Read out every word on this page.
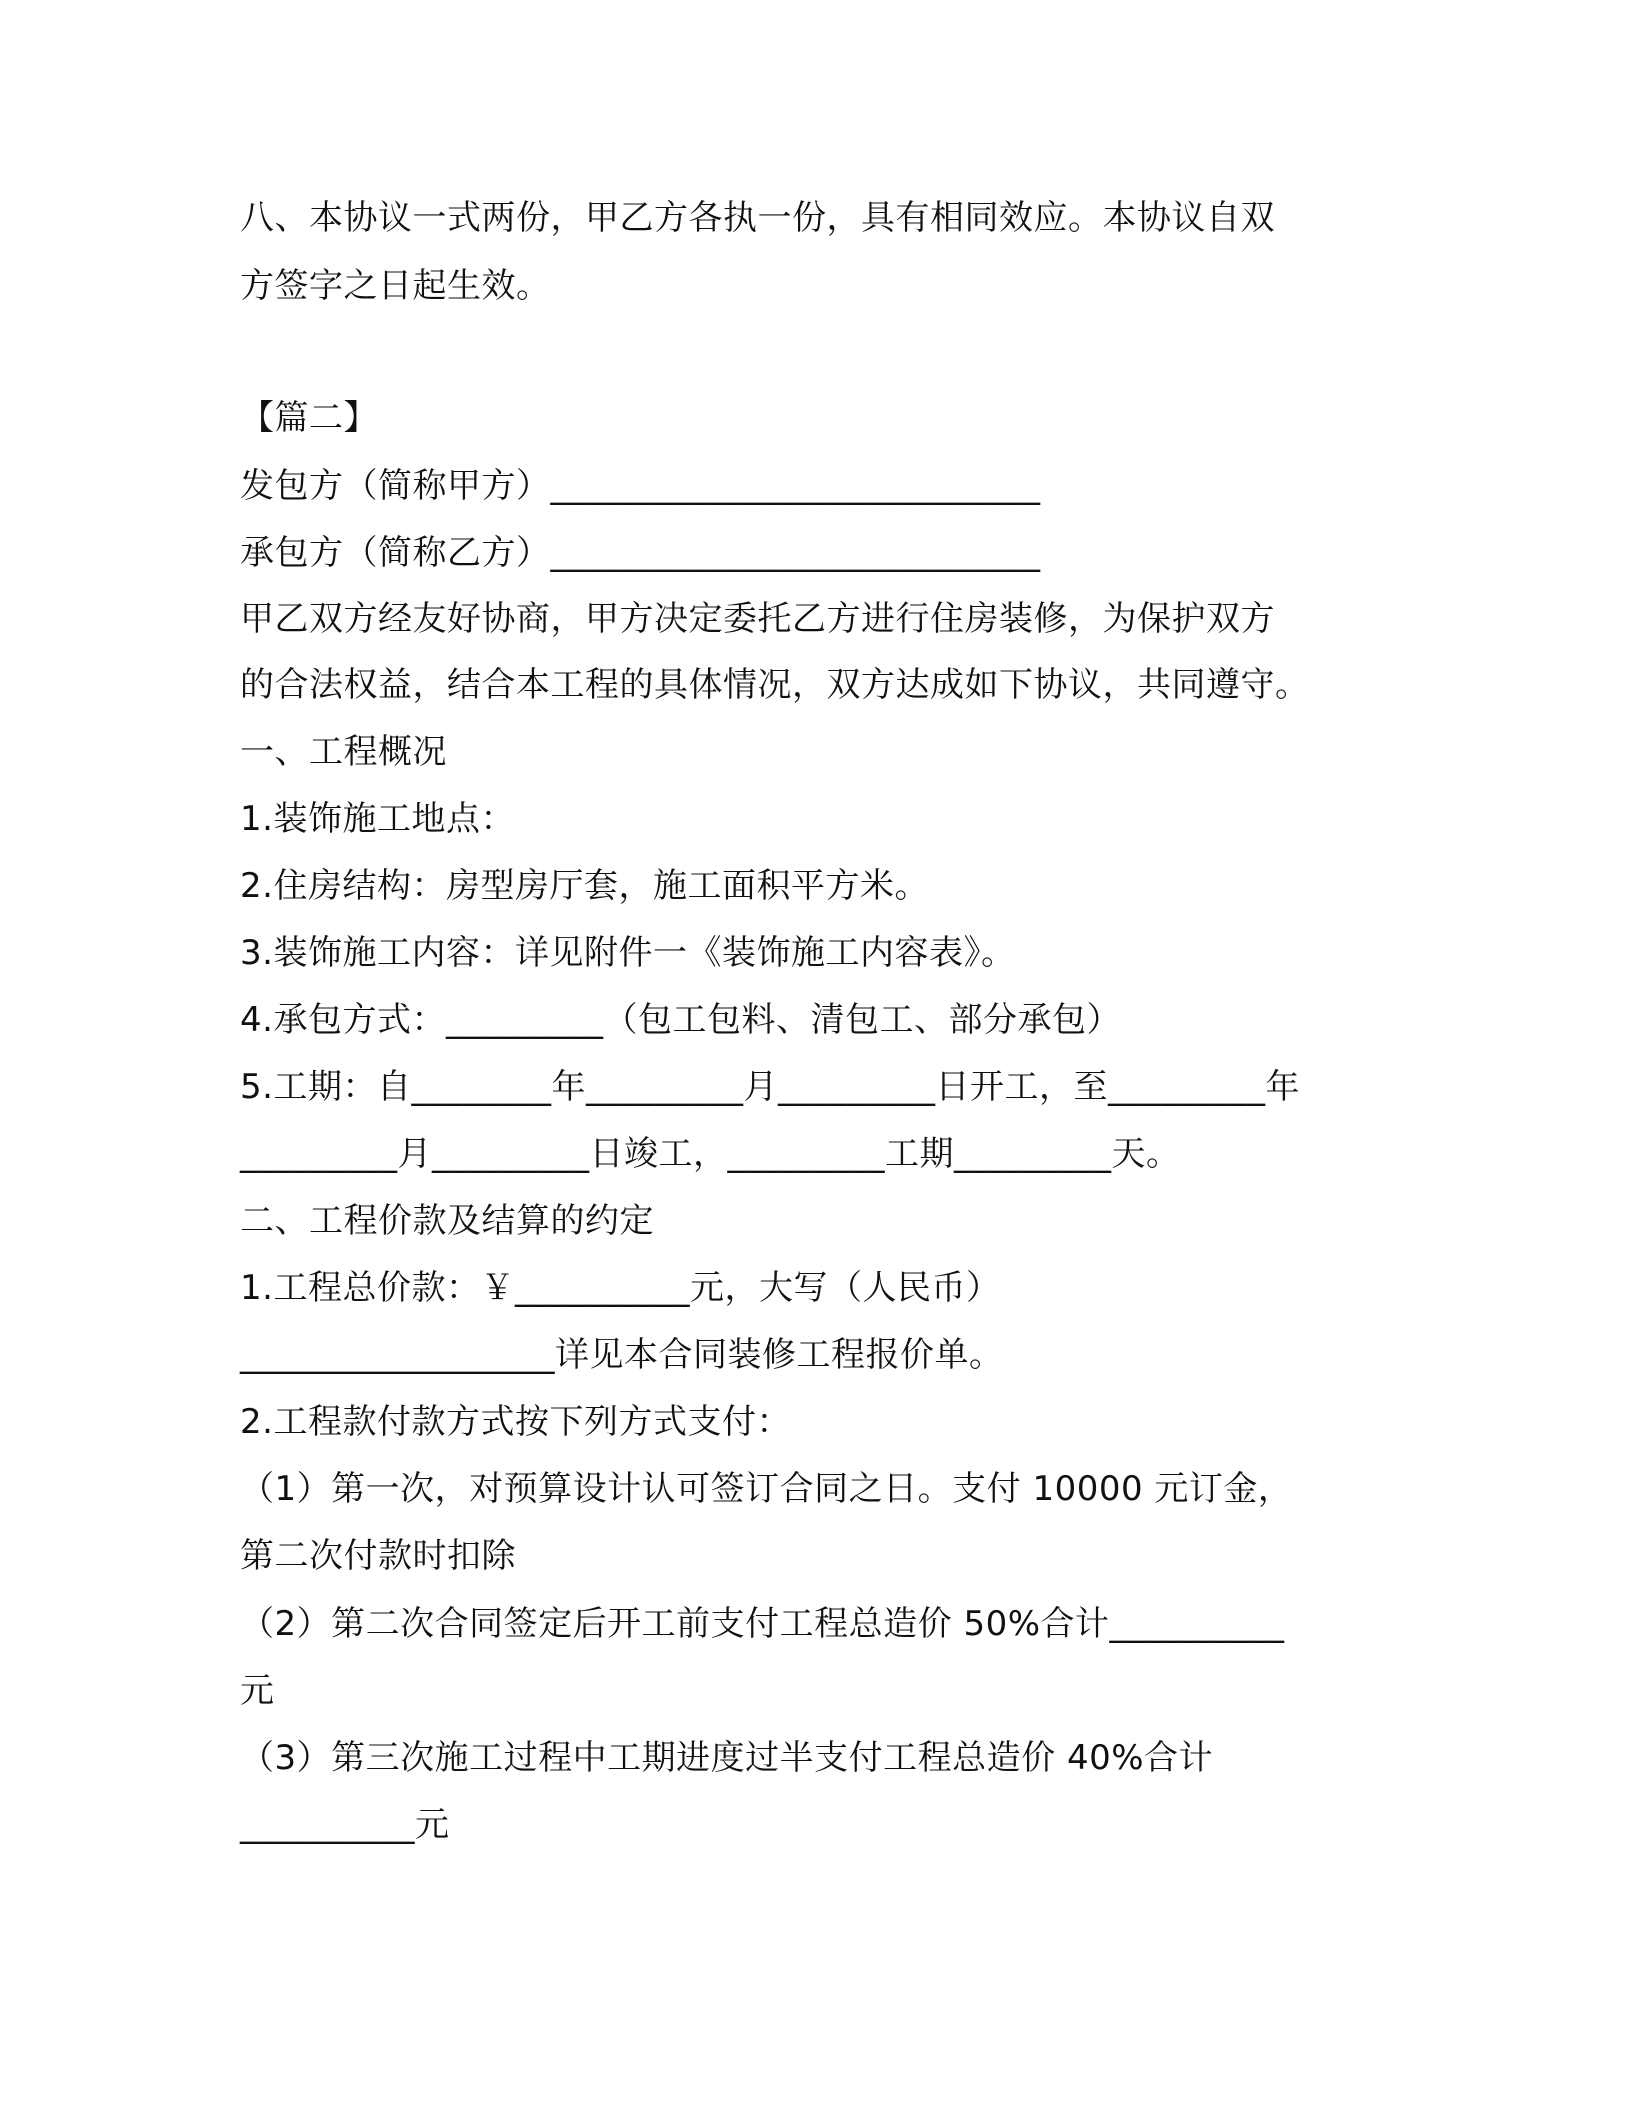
八、本协议一式两份，甲乙方各执一份，具有相同效应。本协议自双
方签字之日起生效。
【篇二】
发包方（简称甲方）____________________________
承包方（简称乙方）____________________________
甲乙双方经友好协商，甲方决定委托乙方进行住房装修，为保护双方
的合法权益，结合本工程的具体情况，双方达成如下协议，共同遵守。
一、工程概况
1.装饰施工地点：
2.住房结构：房型房厅套，施工面积平方米。
3.装饰施工内容：详见附件一《装饰施工内容表》。
4.承包方式：_________（包工包料、清包工、部分承包）
5.工期：自________年_________月_________日开工，至_________年
_________月_________日竣工，_________工期_________天。
二、工程价款及结算的约定
1.工程总价款：￥__________元，大写（人民币）
__________________详见本合同装修工程报价单。
2.工程款付款方式按下列方式支付：
（1）第一次，对预算设计认可签订合同之日。支付 10000 元订金，
第二次付款时扣除
（2）第二次合同签定后开工前支付工程总造价 50%合计__________
元
（3）第三次施工过程中工期进度过半支付工程总造价 40%合计
__________元
